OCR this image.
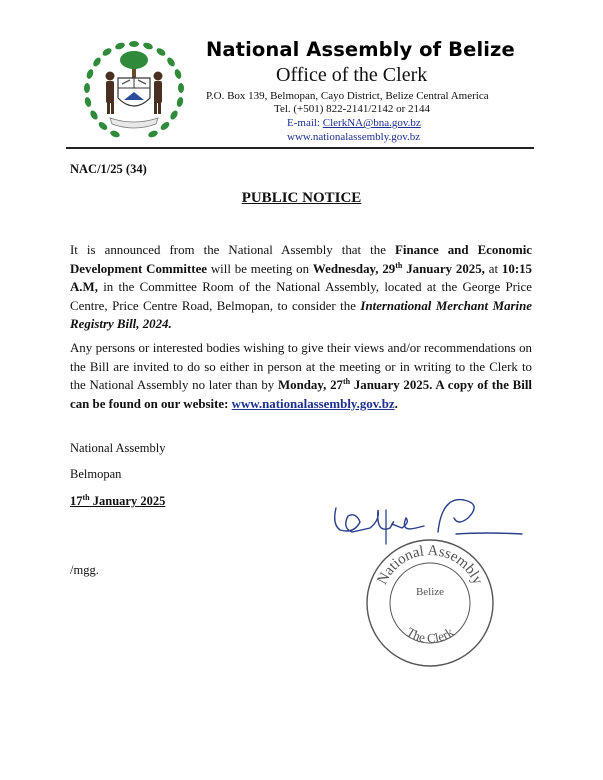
National Assembly of Belize
Office of the Clerk
P.O. Box 139, Belmopan, Cayo District, Belize Central America
Tel. (+501) 822-2141/2142 or 2144
E-mail: ClerkNA@bna.gov.bz
www.nationalassembly.gov.bz
NAC/1/25 (34)
PUBLIC NOTICE
It is announced from the National Assembly that the Finance and Economic Development Committee will be meeting on Wednesday, 29th January 2025, at 10:15 A.M, in the Committee Room of the National Assembly, located at the George Price Centre, Price Centre Road, Belmopan, to consider the International Merchant Marine Registry Bill, 2024.
Any persons or interested bodies wishing to give their views and/or recommendations on the Bill are invited to do so either in person at the meeting or in writing to the Clerk to the National Assembly no later than by Monday, 27th January 2025. A copy of the Bill can be found on our website: www.nationalassembly.gov.bz.
National Assembly
Belmopan
17th January 2025
/mgg.
National Assembly
Belize
The Clerk
